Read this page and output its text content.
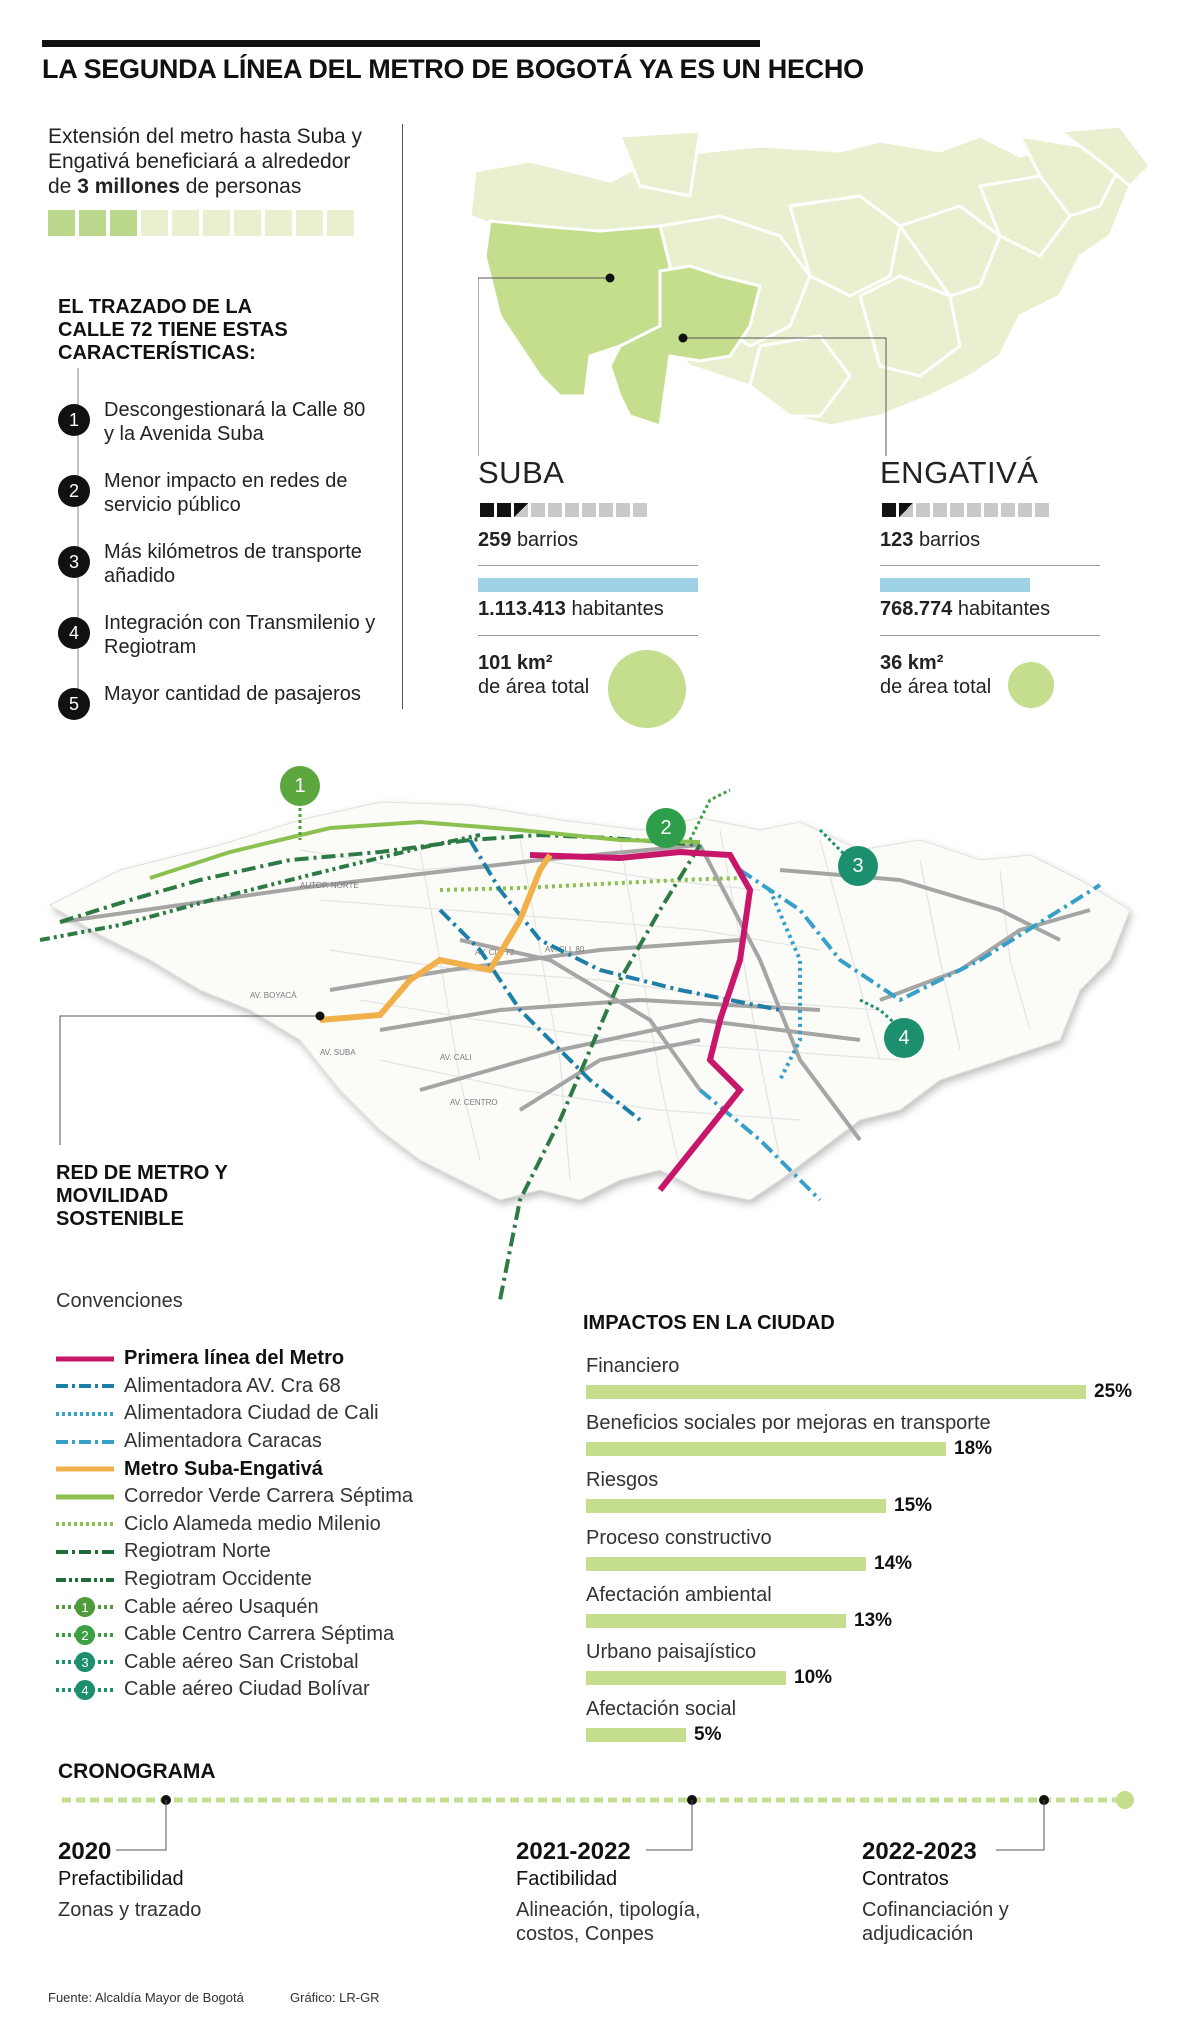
LA SEGUNDA LÍNEA DEL METRO DE BOGOTÁ YA ES UN HECHO
Extensión del metro hasta Suba y Engativá beneficiará a alrededor de 3 millones de personas
EL TRAZADO DE LA CALLE 72 TIENE ESTAS CARACTERÍSTICAS:
1	Descongestionará la Calle 80 y la Avenida Suba
2	Menor impacto en redes de servicio público
3	Más kilómetros de transporte añadido
4	Integración con Transmilenio y Regiotram
5	Mayor cantidad de pasajeros
SUBA
259 barrios
1.113.413 habitantes
101 km²
de área total
ENGATIVÁ
123 barrios
768.774 habitantes
36 km²
de área total
AUTOP. NORTE
AV. BOYACÁ
AV. CALI
AV. CENTRO
AV. CLL 72	AV. CLL 80
AV. SUBA
1
2
3
4
RED DE METRO Y MOVILIDAD SOSTENIBLE
Convenciones
Primera línea del Metro
Alimentadora AV. Cra 68
Alimentadora Ciudad de Cali
Alimentadora Caracas
Metro Suba-Engativá
Corredor Verde Carrera Séptima
Ciclo Alameda medio Milenio
Regiotram Norte
Regiotram Occidente
1 Cable aéreo Usaquén
2 Cable Centro Carrera Séptima
3 Cable aéreo San Cristobal
4 Cable aéreo Ciudad Bolívar
IMPACTOS EN LA CIUDAD
Financiero
25%
Beneficios sociales por mejoras en transporte
18%
Riesgos
15%
Proceso constructivo
14%
Afectación ambiental
13%
Urbano paisajístico
10%
Afectación social
5%
CRONOGRAMA
2020
Prefactibilidad
Zonas y trazado
2021-2022
Factibilidad
Alineación, tipología, costos, Conpes
2022-2023
Contratos
Cofinanciación y adjudicación
Fuente: Alcaldía Mayor de Bogotá	Gráfico: LR-GR
